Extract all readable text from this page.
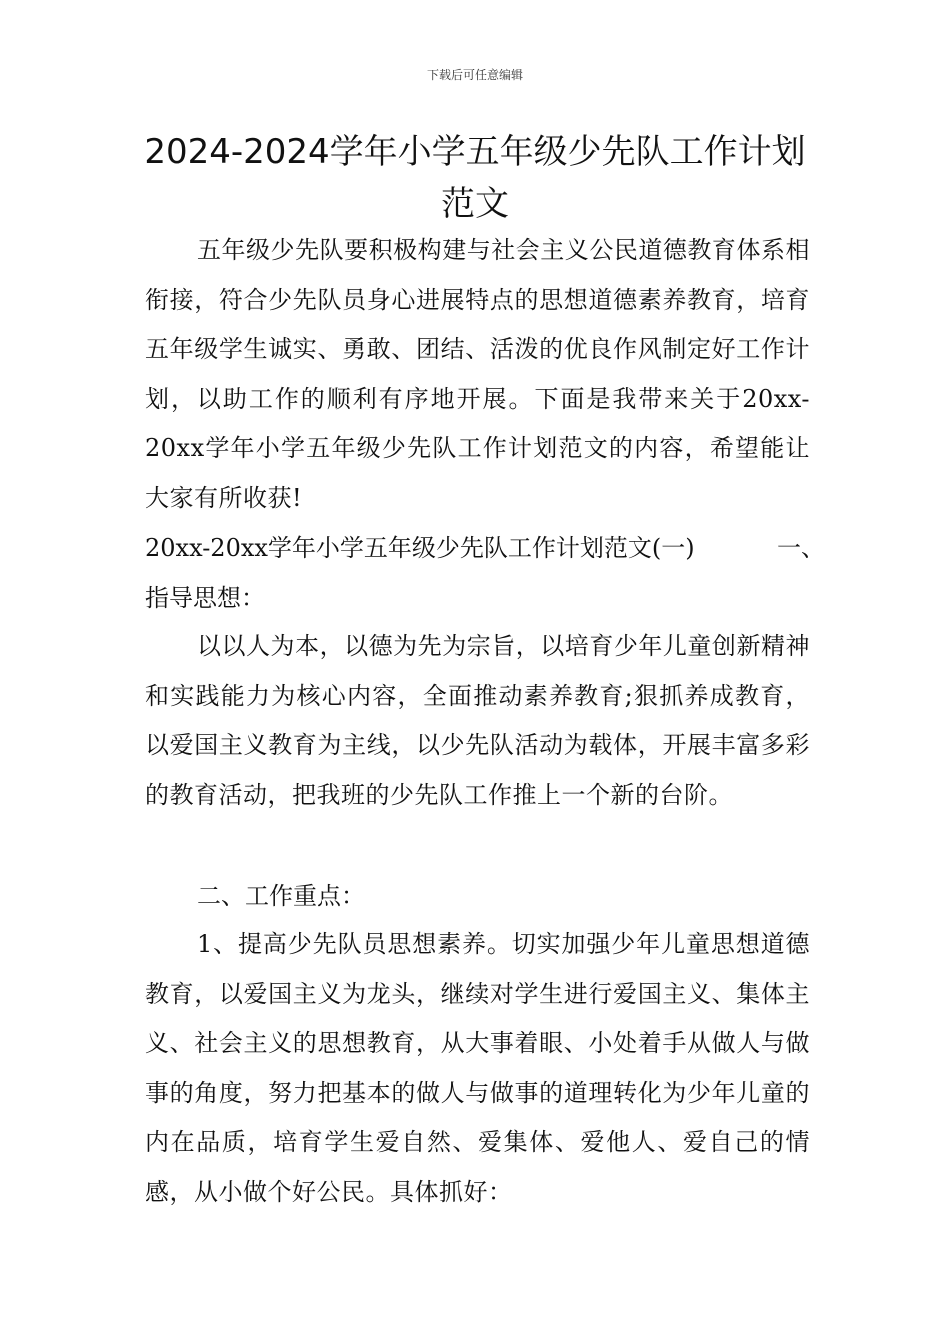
下载后可任意编辑
2024-2024学年小学五年级少先队工作计划范文

五年级少先队要积极构建与社会主义公民道德教育体系相衔接，符合少先队员身心进展特点的思想道德素养教育，培育五年级学生诚实、勇敢、团结、活泼的优良作风制定好工作计划，以助工作的顺利有序地开展。下面是我带来关于20xx-20xx学年小学五年级少先队工作计划范文的内容，希望能让大家有所收获!

20xx-20xx学年小学五年级少先队工作计划范文(一)	一、
指导思想：

以以人为本，以德为先为宗旨，以培育少年儿童创新精神和实践能力为核心内容，全面推动素养教育;狠抓养成教育，以爱国主义教育为主线，以少先队活动为载体，开展丰富多彩的教育活动，把我班的少先队工作推上一个新的台阶。

二、工作重点：

1、提高少先队员思想素养。切实加强少年儿童思想道德教育，以爱国主义为龙头，继续对学生进行爱国主义、集体主义、社会主义的思想教育，从大事着眼、小处着手从做人与做事的角度，努力把基本的做人与做事的道理转化为少年儿童的内在品质，培育学生爱自然、爱集体、爱他人、爱自己的情感，从小做个好公民。具体抓好：
